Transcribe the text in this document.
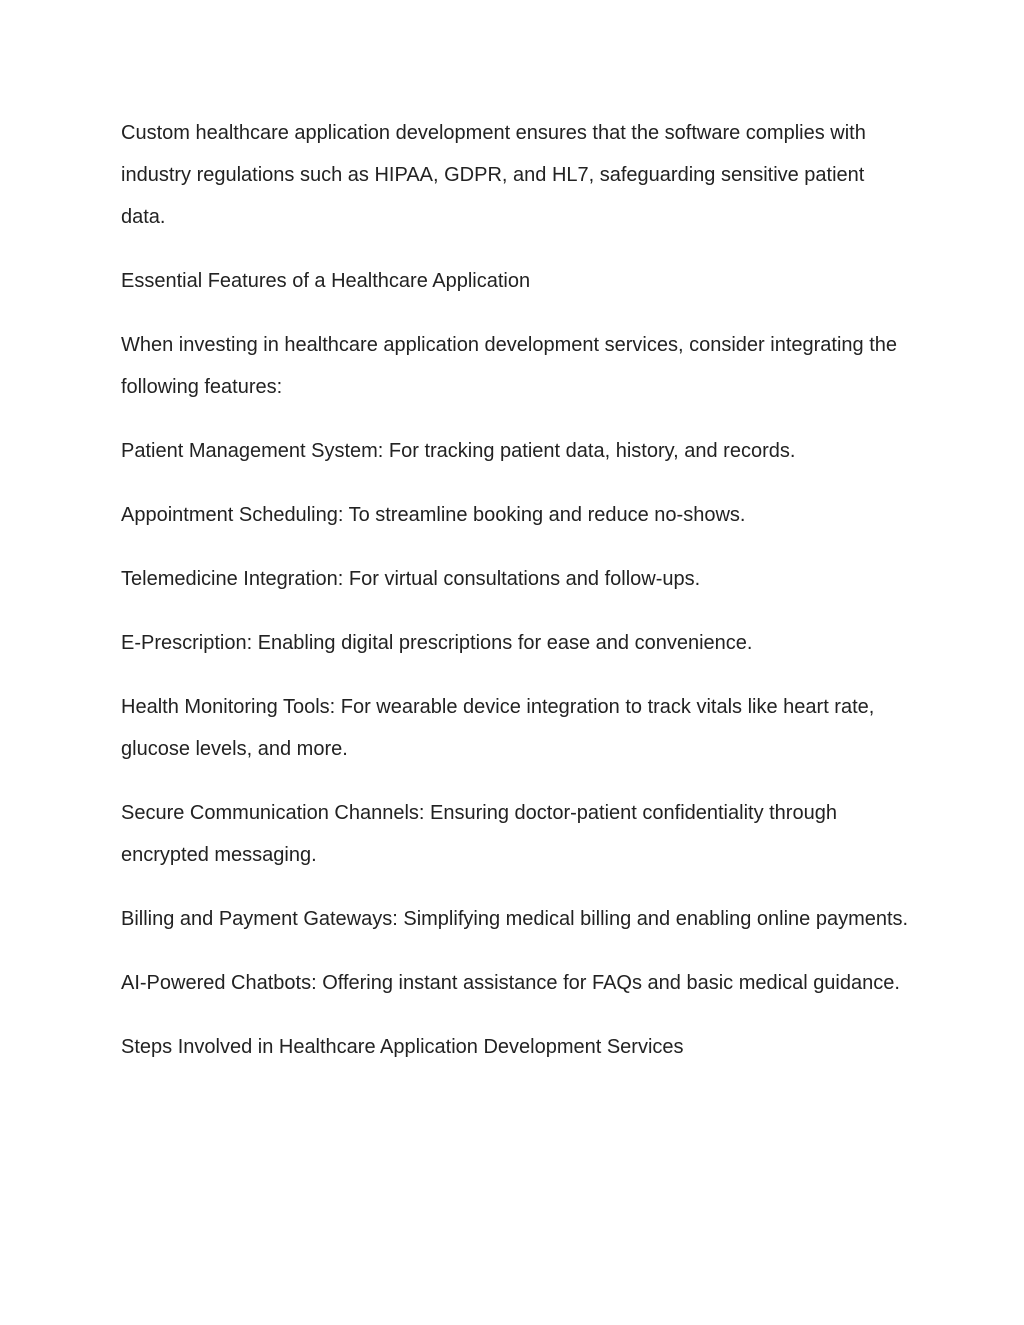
Custom healthcare application development ensures that the software complies with industry regulations such as HIPAA, GDPR, and HL7, safeguarding sensitive patient data.

Essential Features of a Healthcare Application

When investing in healthcare application development services, consider integrating the following features:

Patient Management System: For tracking patient data, history, and records.

Appointment Scheduling: To streamline booking and reduce no-shows.

Telemedicine Integration: For virtual consultations and follow-ups.

E-Prescription: Enabling digital prescriptions for ease and convenience.

Health Monitoring Tools: For wearable device integration to track vitals like heart rate, glucose levels, and more.

Secure Communication Channels: Ensuring doctor-patient confidentiality through encrypted messaging.

Billing and Payment Gateways: Simplifying medical billing and enabling online payments.

AI-Powered Chatbots: Offering instant assistance for FAQs and basic medical guidance.

Steps Involved in Healthcare Application Development Services
